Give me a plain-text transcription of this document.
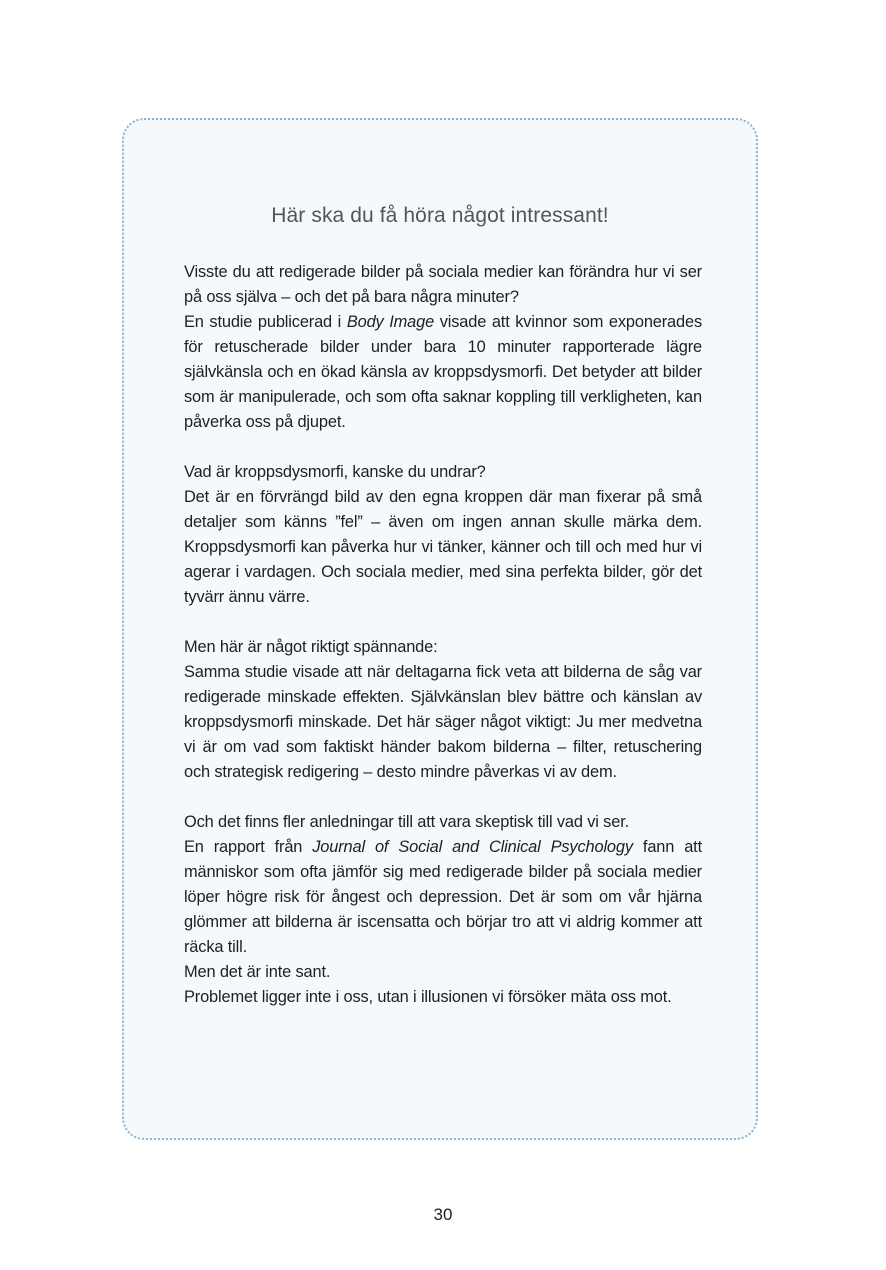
Här ska du få höra något intressant!

Visste du att redigerade bilder på sociala medier kan förändra hur vi ser på oss själva – och det på bara några minuter?
En studie publicerad i Body Image visade att kvinnor som exponerades för retuscherade bilder under bara 10 minuter rapporterade lägre självkänsla och en ökad känsla av kroppsdysmorfi. Det betyder att bilder som är manipulerade, och som ofta saknar koppling till verkligheten, kan påverka oss på djupet.

Vad är kroppsdysmorfi, kanske du undrar?
Det är en förvrängd bild av den egna kroppen där man fixerar på små detaljer som känns ”fel” – även om ingen annan skulle märka dem. Kroppsdysmorfi kan påverka hur vi tänker, känner och till och med hur vi agerar i vardagen. Och sociala medier, med sina perfekta bilder, gör det tyvärr ännu värre.

Men här är något riktigt spännande:
Samma studie visade att när deltagarna fick veta att bilderna de såg var redigerade minskade effekten. Självkänslan blev bättre och känslan av kroppsdysmorfi minskade. Det här säger något viktigt: Ju mer medvetna vi är om vad som faktiskt händer bakom bilderna – filter, retuschering och strategisk redigering – desto mindre påverkas vi av dem.

Och det finns fler anledningar till att vara skeptisk till vad vi ser.
En rapport från Journal of Social and Clinical Psychology fann att människor som ofta jämför sig med redigerade bilder på sociala medier löper högre risk för ångest och depression. Det är som om vår hjärna glömmer att bilderna är iscensatta och börjar tro att vi aldrig kommer att räcka till.
Men det är inte sant.
Problemet ligger inte i oss, utan i illusionen vi försöker mäta oss mot.

30
